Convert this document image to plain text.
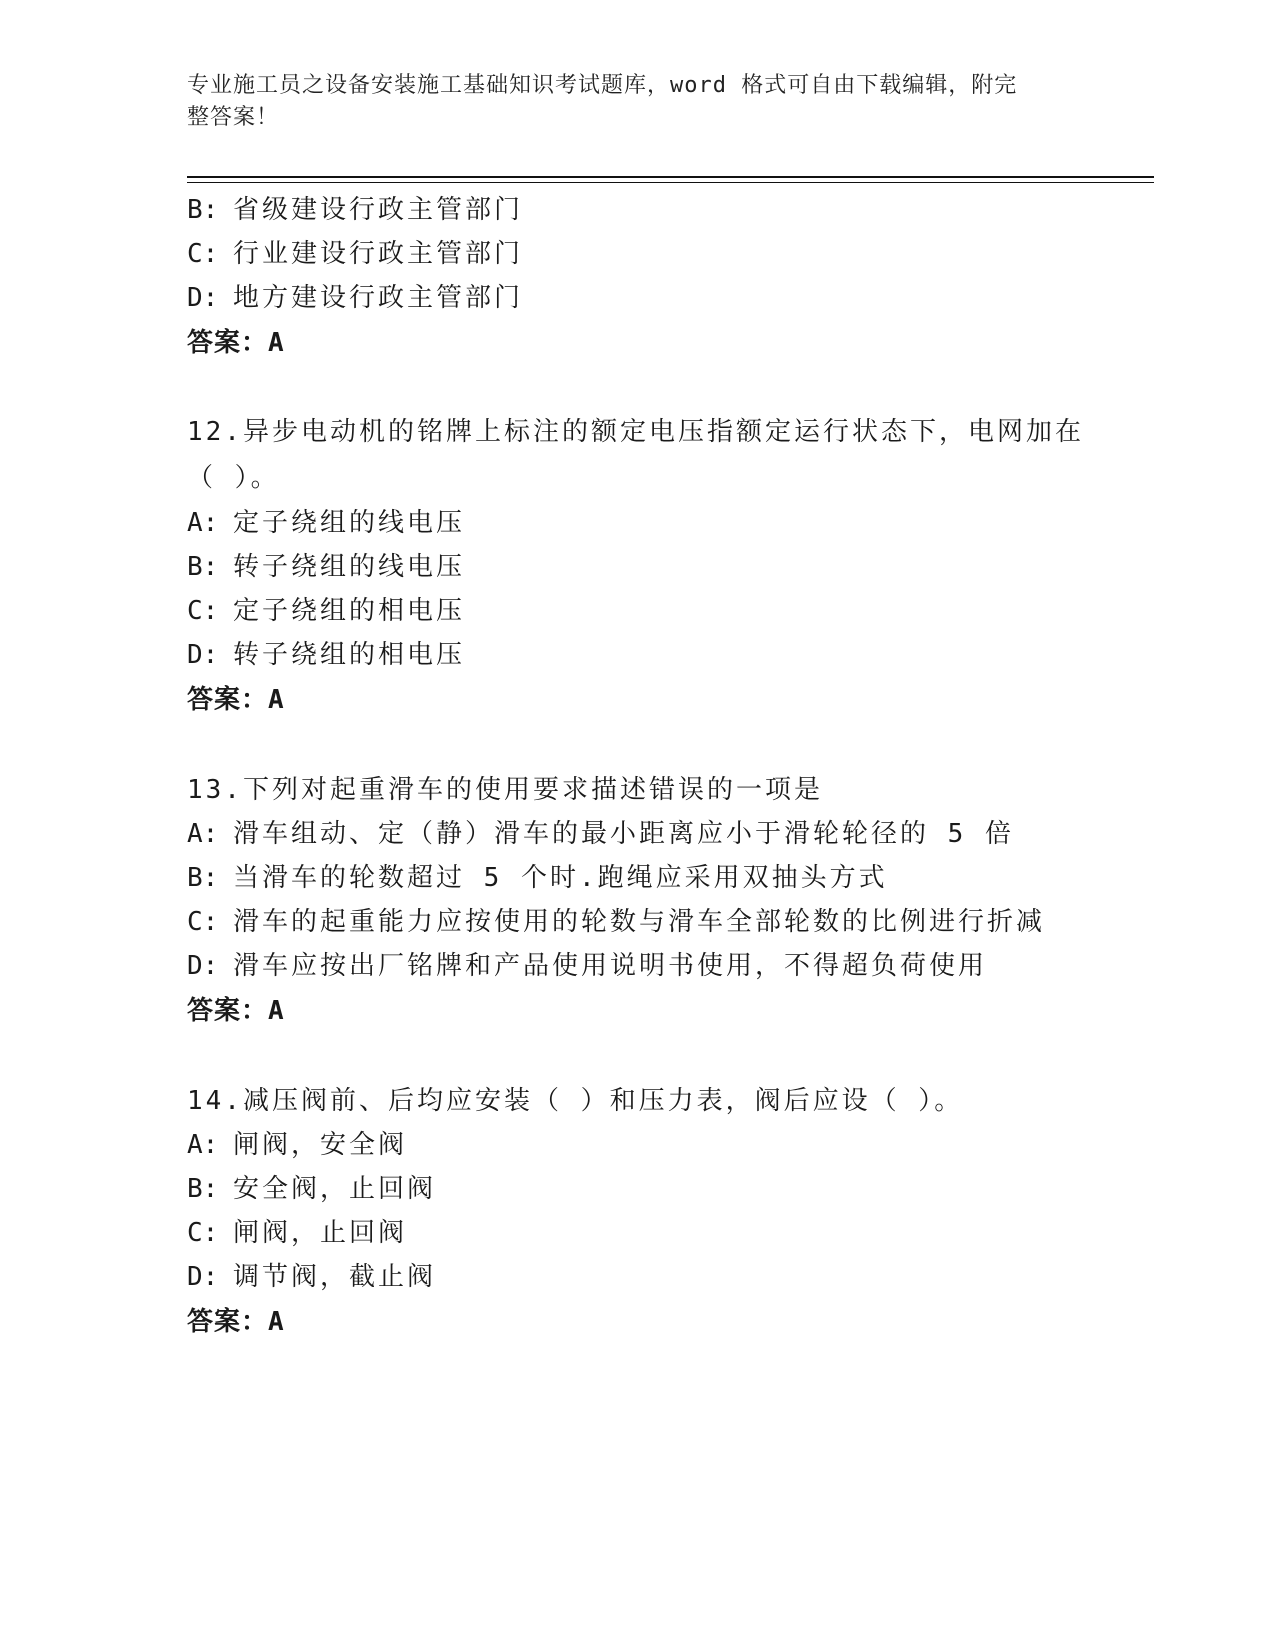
专业施工员之设备安装施工基础知识考试题库，word 格式可自由下载编辑，附完
整答案！
B: 省级建设行政主管部门
C: 行业建设行政主管部门
D: 地方建设行政主管部门
答案：A
12.异步电动机的铭牌上标注的额定电压指额定运行状态下，电网加在
（ ）。
A: 定子绕组的线电压
B: 转子绕组的线电压
C: 定子绕组的相电压
D: 转子绕组的相电压
答案：A
13.下列对起重滑车的使用要求描述错误的一项是
A: 滑车组动、定（静）滑车的最小距离应小于滑轮轮径的 5 倍
B: 当滑车的轮数超过 5 个时.跑绳应采用双抽头方式
C: 滑车的起重能力应按使用的轮数与滑车全部轮数的比例进行折减
D: 滑车应按出厂铭牌和产品使用说明书使用，不得超负荷使用
答案：A
14.减压阀前、后均应安装（ ）和压力表，阀后应设（ ）。
A: 闸阀，安全阀
B: 安全阀，止回阀
C: 闸阀，止回阀
D: 调节阀，截止阀
答案：A
